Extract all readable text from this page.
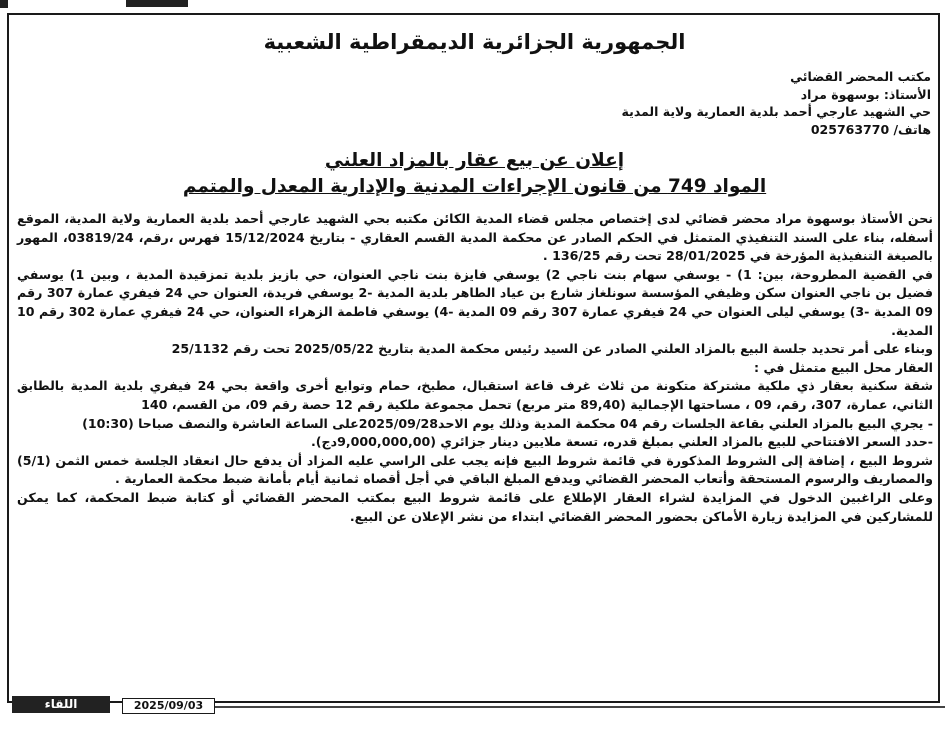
الجمهورية الجزائرية الديمقراطية الشعبية
مكتب المحضر القضائي
الأستاذ: بوسهوة مراد
حي الشهيد عارجي أحمد بلدية العمارية ولاية المدية
هاتف/ 025763770
إعلان عن بيع عقار بالمزاد العلني
المواد 749 من قانون الإجراءات المدنية والإدارية المعدل والمتمم

نحن الأستاذ بوسهوة مراد محضر قضائي لدى إختصاص مجلس قضاء المدية الكائن مكتبه بحي الشهيد عارجي أحمد بلدية العمارية ولاية المدية، الموقع أسفله، بناء على السند التنفيذي المتمثل في الحكم الصادر عن محكمة المدية القسم العقاري - بتاريخ 15/12/2024 فهرس ،رقم، 03819/24، المهور بالصيغة التنفيذية المؤرخة في 28/01/2025 تحت رقم 136/25 .

في القضية المطروحة، بين: 1) - يوسفي سهام بنت ناجي 2) يوسفي فايزة بنت ناجي العنوان، حي بازيز بلدية تمزقيدة المدية ، وبين 1) يوسفي فضيل بن ناجي العنوان سكن وظيفي المؤسسة سونلغاز شارع بن عياد الطاهر بلدية المدية -2 يوسفي فريدة، العنوان حي 24 فيفري عمارة 307 رقم 09 المدية -3) يوسفي ليلى العنوان حي 24 فيفري عمارة 307 رقم 09 المدية -4) يوسفي فاطمة الزهراء العنوان، حي 24 فيفري عمارة 302 رقم 10 المدية.

وبناء على أمر تحديد جلسة البيع بالمزاد العلني الصادر عن السيد رئيس محكمة المدية بتاريخ 2025/05/22 تحت رقم 25/1132

العقار محل البيع متمثل في :

شقة سكنية بعقار ذي ملكية مشتركة متكونة من ثلاث غرف قاعة استقبال، مطبخ، حمام وتوابع أخرى واقعة بحي 24 فيفري بلدية المدية بالطابق الثاني، عمارة، 307، رقم، 09 ، مساحتها الإجمالية (89,40 متر مربع) تحمل مجموعة ملكية رقم 12 حصة رقم 09، من القسم، 140

- يجري البيع بالمزاد العلني بقاعة الجلسات رقم 04 محكمة المدية وذلك يوم الاحد2025/09/28على الساعة العاشرة والنصف صباحا (10:30)

-حدد السعر الافتتاحي للبيع بالمزاد العلني بمبلغ قدره، تسعة ملايين دينار جزائري (9,000,000,00دج).

شروط البيع ، إضافة إلى الشروط المذكورة في قائمة شروط البيع فإنه يجب على الراسي عليه المزاد أن يدفع حال انعقاد الجلسة خمس الثمن (5/1) والمصاريف والرسوم المستحقة وأتعاب المحضر القضائي ويدفع المبلغ الباقي في أجل أقصاه ثمانية أيام بأمانة ضبط محكمة العمارية .

وعلى الراغبين الدخول في المزايدة لشراء العقار الإطلاع على قائمة شروط البيع بمكتب المحضر القضائي أو كتابة ضبط المحكمة، كما يمكن للمشاركين في المزايدة زيارة الأماكن بحضور المحضر القضائي ابتداء من نشر الإعلان عن البيع.

2025/09/03
اللقاء
